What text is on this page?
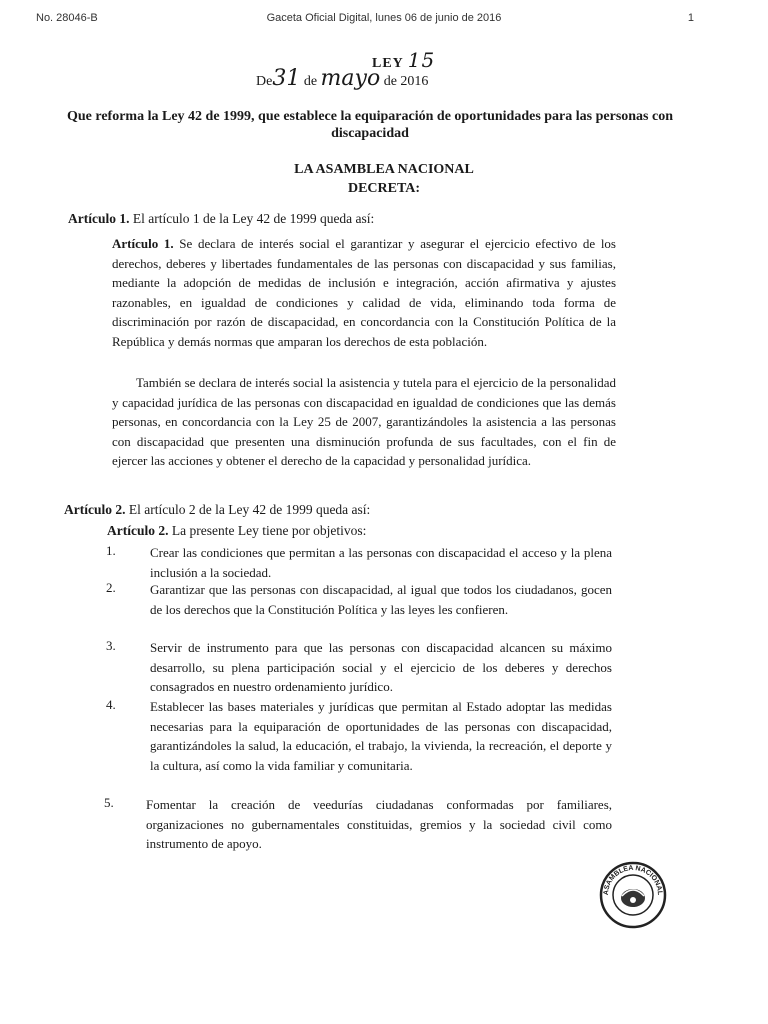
No. 28046-B	Gaceta Oficial Digital, lunes 06 de junio de 2016	1
LEY 15
De31 de mayo de 2016
Que reforma la Ley 42 de 1999, que establece la equiparación de oportunidades para las personas con discapacidad
LA ASAMBLEA NACIONAL
DECRETA:
Artículo 1. El artículo 1 de la Ley 42 de 1999 queda así:
Artículo 1. Se declara de interés social el garantizar y asegurar el ejercicio efectivo de los derechos, deberes y libertades fundamentales de las personas con discapacidad y sus familias, mediante la adopción de medidas de inclusión e integración, acción afirmativa y ajustes razonables, en igualdad de condiciones y calidad de vida, eliminando toda forma de discriminación por razón de discapacidad, en concordancia con la Constitución Política de la República y demás normas que amparan los derechos de esta población.
También se declara de interés social la asistencia y tutela para el ejercicio de la personalidad y capacidad jurídica de las personas con discapacidad en igualdad de condiciones que las demás personas, en concordancia con la Ley 25 de 2007, garantizándoles la asistencia a las personas con discapacidad que presenten una disminución profunda de sus facultades, con el fin de ejercer las acciones y obtener el derecho de la capacidad y personalidad jurídica.
Artículo 2. El artículo 2 de la Ley 42 de 1999 queda así:
Artículo 2. La presente Ley tiene por objetivos:
1.	Crear las condiciones que permitan a las personas con discapacidad el acceso y la plena inclusión a la sociedad.
2.	Garantizar que las personas con discapacidad, al igual que todos los ciudadanos, gocen de los derechos que la Constitución Política y las leyes les confieren.
3.	Servir de instrumento para que las personas con discapacidad alcancen su máximo desarrollo, su plena participación social y el ejercicio de los deberes y derechos consagrados en nuestro ordenamiento jurídico.
4.	Establecer las bases materiales y jurídicas que permitan al Estado adoptar las medidas necesarias para la equiparación de oportunidades de las personas con discapacidad, garantizándoles la salud, la educación, el trabajo, la vivienda, la recreación, el deporte y la cultura, así como la vida familiar y comunitaria.
5. Fomentar la creación de veedurías ciudadanas conformadas por familiares, organizaciones no gubernamentales constituidas, gremios y la sociedad civil como instrumento de apoyo.
ASAMBLEA NACIONAL
